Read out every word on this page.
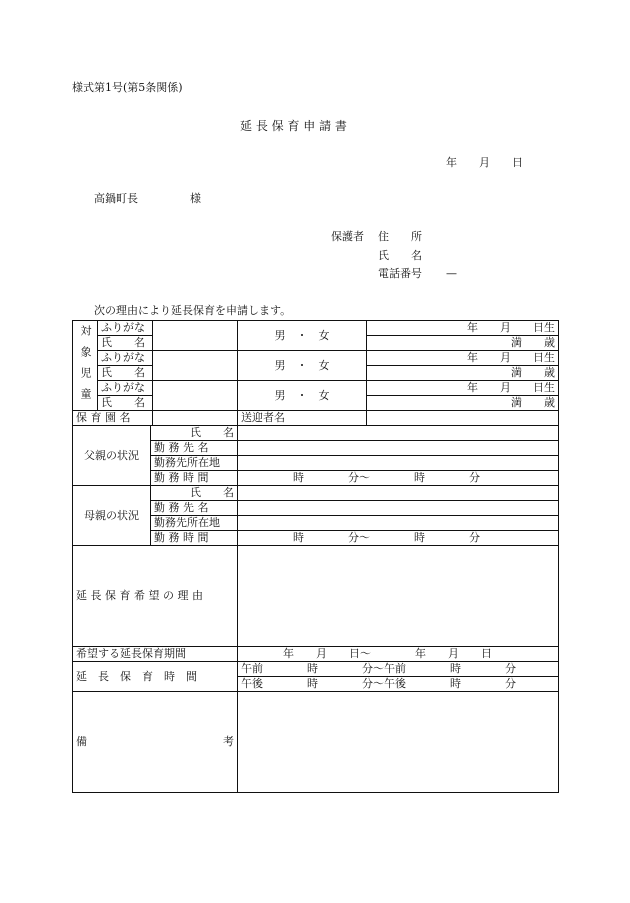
様式第1号(第5条関係)
延 長 保 育 申 請 書
年　　月　　日
高鍋町長	様
保護者 住　　所
氏　　名
電話番号 —
次の理由により延長保育を申請します。
対象児童	ふりがな			男　・　女	年　　月　　日生
	氏　　名				満　　歳
	ふりがな			男　・　女	年　　月　　日生
	氏　　名				満　　歳
	ふりがな			男　・　女	年　　月　　日生
	氏　　名				満　　歳
保 育 園 名				送迎者名	
父親の状況		氏　　名			
		勤 務 先 名			
		勤務先所在地			
		勤 務 時 間		時　　　　分〜　　　　時　　　　分	
母親の状況		氏　　名			
		勤 務 先 名			
		勤務先所在地			
		勤 務 時 間		時　　　　分〜　　　　時　　　　分	
延 長 保 育 希 望 の 理 由					
希望する延長保育期間				年　　月　　日〜　　　　年　　月　　日	
延　長　保　育　時　間				午前　　　　時　　　　分〜午前　　　　時　　　　分	
				午後　　　　時　　　　分〜午後　　　　時　　　　分	

備 考					
